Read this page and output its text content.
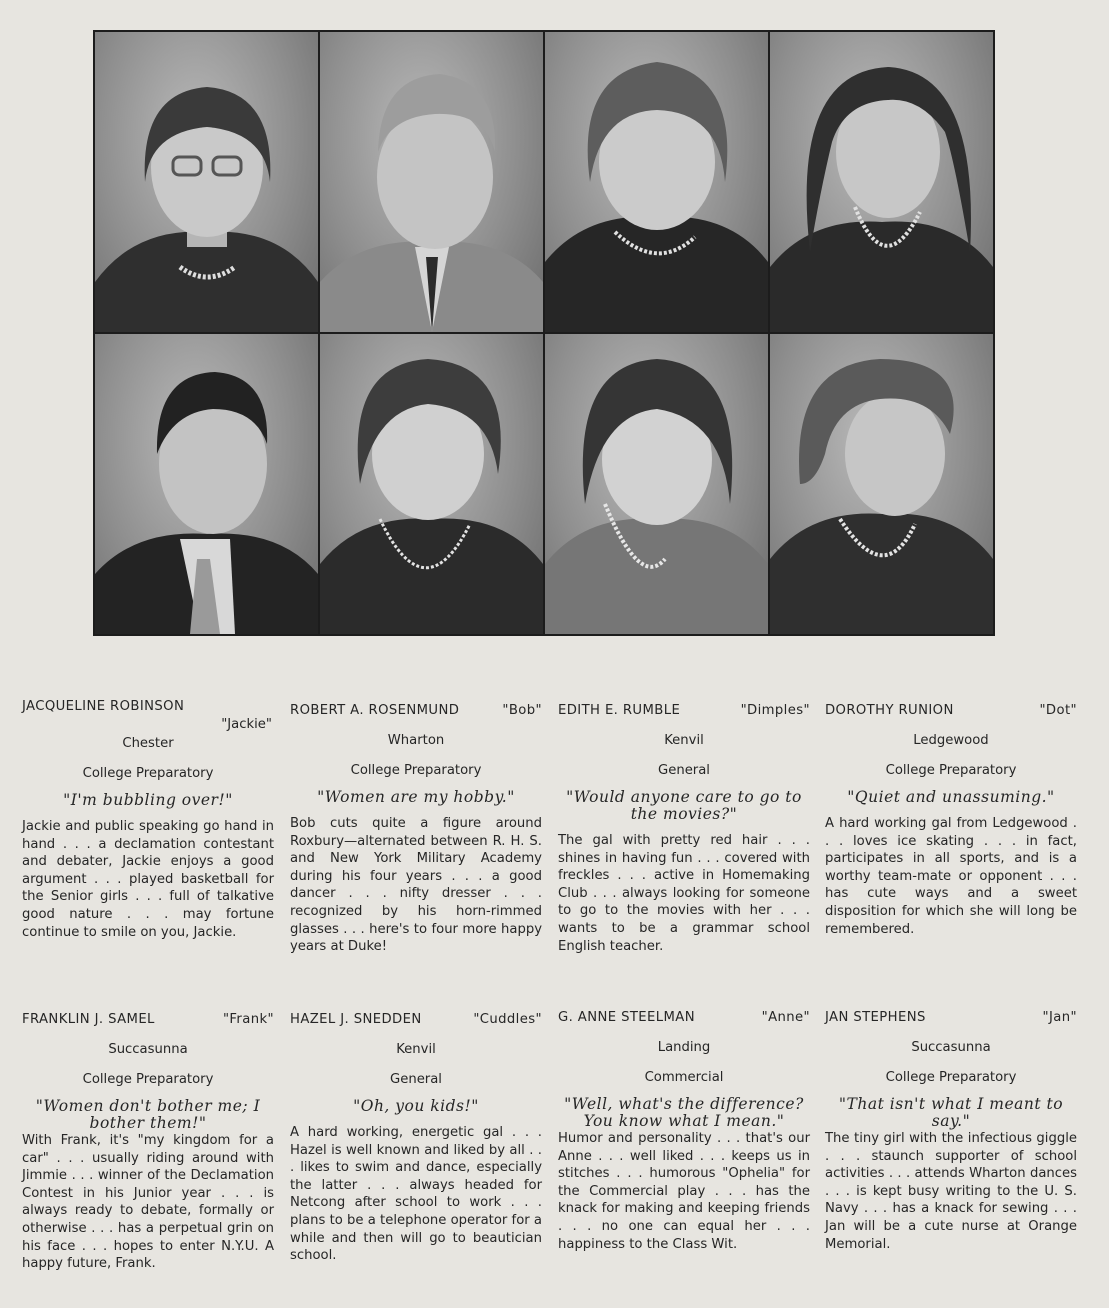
JACQUELINE ROBINSON
"Jackie"
Chester
College Preparatory
"I'm bubbling over!"
Jackie and public speaking go hand in hand . . . a declamation contestant and debater, Jackie enjoys a good argument . . . played basketball for the Senior girls . . . full of talkative good nature . . . may fortune continue to smile on you, Jackie.
ROBERT A. ROSENMUND	"Bob"
Wharton
College Preparatory
"Women are my hobby."
Bob cuts quite a figure around Roxbury—alternated between R. H. S. and New York Military Academy during his four years . . . a good dancer . . . nifty dresser . . . recognized by his horn-rimmed glasses . . . here's to four more happy years at Duke!
EDITH E. RUMBLE	"Dimples"
Kenvil
General
"Would anyone care to go to the movies?"
The gal with pretty red hair . . . shines in having fun . . . covered with freckles . . . active in Homemaking Club . . . always looking for someone to go to the movies with her . . . wants to be a grammar school English teacher.
DOROTHY RUNION	"Dot"
Ledgewood
College Preparatory
"Quiet and unassuming."
A hard working gal from Ledgewood . . . loves ice skating . . . in fact, participates in all sports, and is a worthy team-mate or opponent . . . has cute ways and a sweet disposition for which she will long be remembered.
FRANKLIN J. SAMEL	"Frank"
Succasunna
College Preparatory
"Women don't bother me; I bother them!"
With Frank, it's "my kingdom for a car" . . . usually riding around with Jimmie . . . winner of the Declamation Contest in his Junior year . . . is always ready to debate, formally or otherwise . . . has a perpetual grin on his face . . . hopes to enter N.Y.U. A happy future, Frank.
HAZEL J. SNEDDEN	"Cuddles"
Kenvil
General
"Oh, you kids!"
A hard working, energetic gal . . . Hazel is well known and liked by all . . . likes to swim and dance, especially the latter . . . always headed for Netcong after school to work . . . plans to be a telephone operator for a while and then will go to beautician school.
G. ANNE STEELMAN	"Anne"
Landing
Commercial
"Well, what's the difference? You know what I mean."
Humor and personality . . . that's our Anne . . . well liked . . . keeps us in stitches . . . humorous "Ophelia" for the Commercial play . . . has the knack for making and keeping friends . . . no one can equal her . . . happiness to the Class Wit.
JAN STEPHENS	"Jan"
Succasunna
College Preparatory
"That isn't what I meant to say."
The tiny girl with the infectious giggle . . . staunch supporter of school activities . . . attends Wharton dances . . . is kept busy writing to the U. S. Navy . . . has a knack for sewing . . . Jan will be a cute nurse at Orange Memorial.
